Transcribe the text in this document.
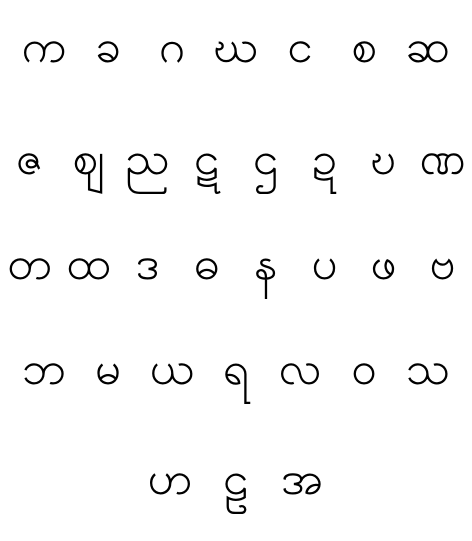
က ခ ဂ ဃ င စ ဆ
ဇ ဈ ည ဋ ဌ ဍ ဎ ဏ
တ ထ ဒ ဓ န ပ ဖ ဗ
ဘ မ ယ ရ လ ဝ သ
ဟ ဠ အ
